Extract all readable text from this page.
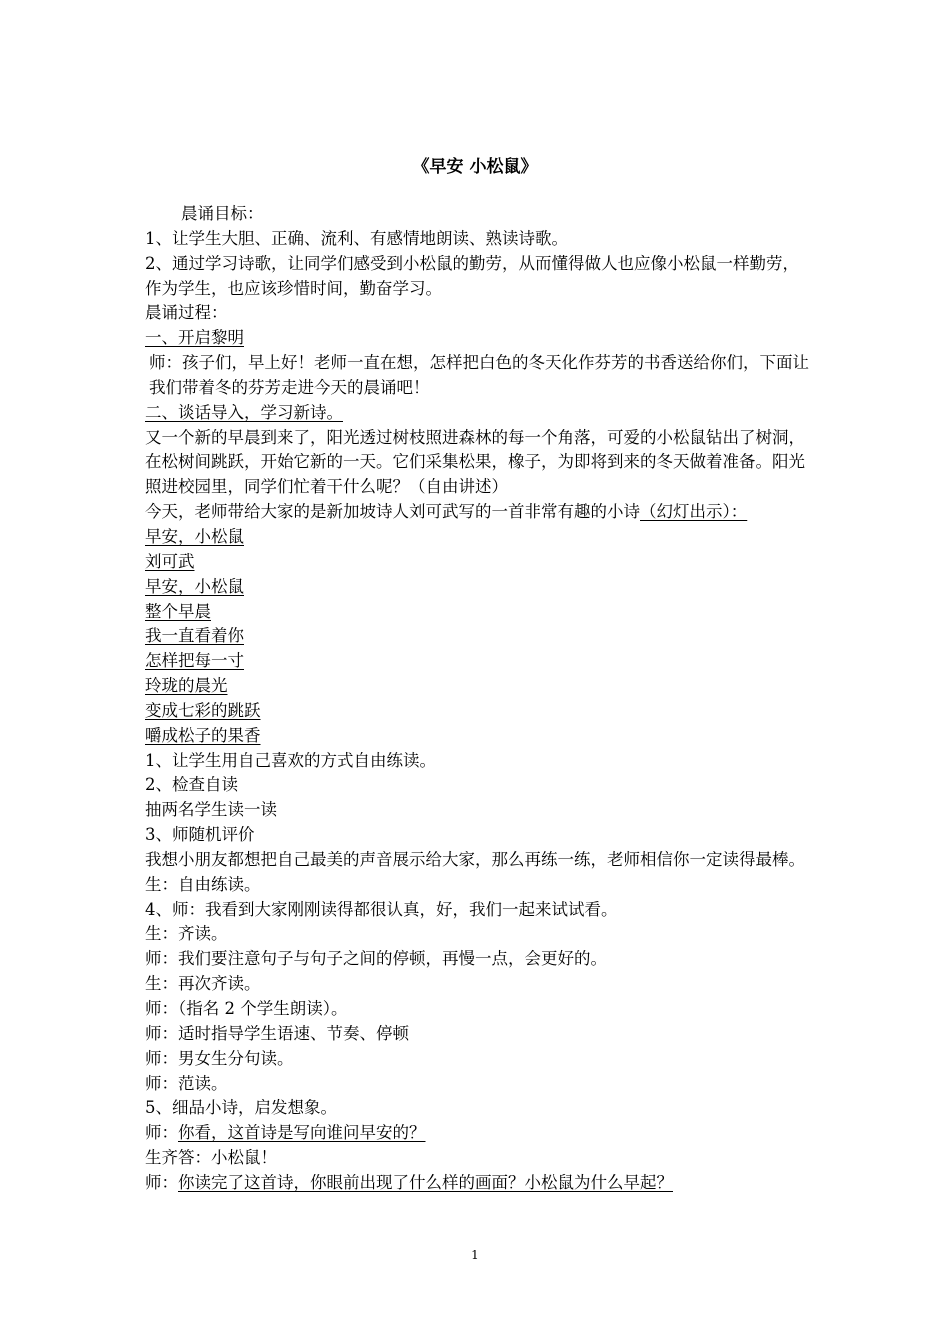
《早安 小松鼠》

晨诵目标：

1、让学生大胆、正确、流利、有感情地朗读、熟读诗歌。

2、通过学习诗歌，让同学们感受到小松鼠的勤劳，从而懂得做人也应像小松鼠一样勤劳，作为学生，也应该珍惜时间，勤奋学习。

晨诵过程：

一、开启黎明

师：孩子们，早上好！老师一直在想，怎样把白色的冬天化作芬芳的书香送给你们，下面让我们带着冬的芬芳走进今天的晨诵吧！

二、谈话导入，学习新诗。

又一个新的早晨到来了，阳光透过树枝照进森林的每一个角落，可爱的小松鼠钻出了树洞，在松树间跳跃，开始它新的一天。它们采集松果，橡子，为即将到来的冬天做着准备。阳光照进校园里，同学们忙着干什么呢？（自由讲述）

今天，老师带给大家的是新加坡诗人刘可武写的一首非常有趣的小诗（幻灯出示）：

早安，小松鼠

刘可武

早安，小松鼠

整个早晨

我一直看着你

怎样把每一寸

玲珑的晨光

变成七彩的跳跃

嚼成松子的果香

1、让学生用自己喜欢的方式自由练读。

2、检查自读

抽两名学生读一读

3、师随机评价

我想小朋友都想把自己最美的声音展示给大家，那么再练一练，老师相信你一定读得最棒。生：自由练读。

4、师：我看到大家刚刚读得都很认真，好，我们一起来试试看。

生：齐读。

师：我们要注意句子与句子之间的停顿，再慢一点，会更好的。

生：再次齐读。

师：（指名 2 个学生朗读）。

师：适时指导学生语速、节奏、停顿

师：男女生分句读。

师：范读。

5、细品小诗，启发想象。

师：你看，这首诗是写向谁问早安的？

生齐答：小松鼠！

师：你读完了这首诗，你眼前出现了什么样的画面？小松鼠为什么早起？

1
